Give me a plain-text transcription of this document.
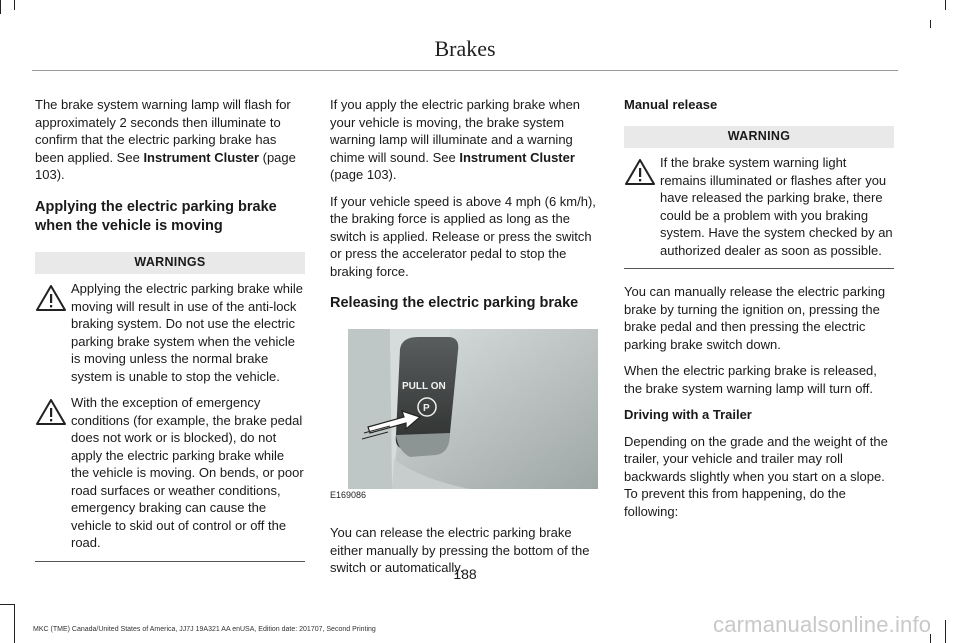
Brakes

The brake system warning lamp will flash for approximately 2 seconds then illuminate to confirm that the electric parking brake has been applied. See Instrument Cluster (page 103).

Applying the electric parking brake when the vehicle is moving
WARNINGS
Applying the electric parking brake while moving will result in use of the anti-lock braking system. Do not use the electric parking brake system when the vehicle is moving unless the normal brake system is unable to stop the vehicle.
With the exception of emergency conditions (for example, the brake pedal does not work or is blocked), do not apply the electric parking brake while the vehicle is moving. On bends, or poor road surfaces or weather conditions, emergency braking can cause the vehicle to skid out of control or off the road.

If you apply the electric parking brake when your vehicle is moving, the brake system warning lamp will illuminate and a warning chime will sound. See Instrument Cluster (page 103).

If your vehicle speed is above 4 mph (6 km/h), the braking force is applied as long as the switch is applied. Release or press the switch or press the accelerator pedal to stop the braking force.

Releasing the electric parking brake
PULL ON
P
E169086

You can release the electric parking brake either manually by pressing the bottom of the switch or automatically.

Manual release

WARNING
If the brake system warning light remains illuminated or flashes after you have released the parking brake, there could be a problem with you braking system. Have the system checked by an authorized dealer as soon as possible.

You can manually release the electric parking brake by turning the ignition on, pressing the brake pedal and then pressing the electric parking brake switch down.

When the electric parking brake is released, the brake system warning lamp will turn off.

Driving with a Trailer

Depending on the grade and the weight of the trailer, your vehicle and trailer may roll backwards slightly when you start on a slope. To prevent this from happening, do the following:

188
MKC (TME) Canada/United States of America, JJ7J 19A321 AA enUSA, Edition date: 201707, Second Printing	carmanualsonline.info
